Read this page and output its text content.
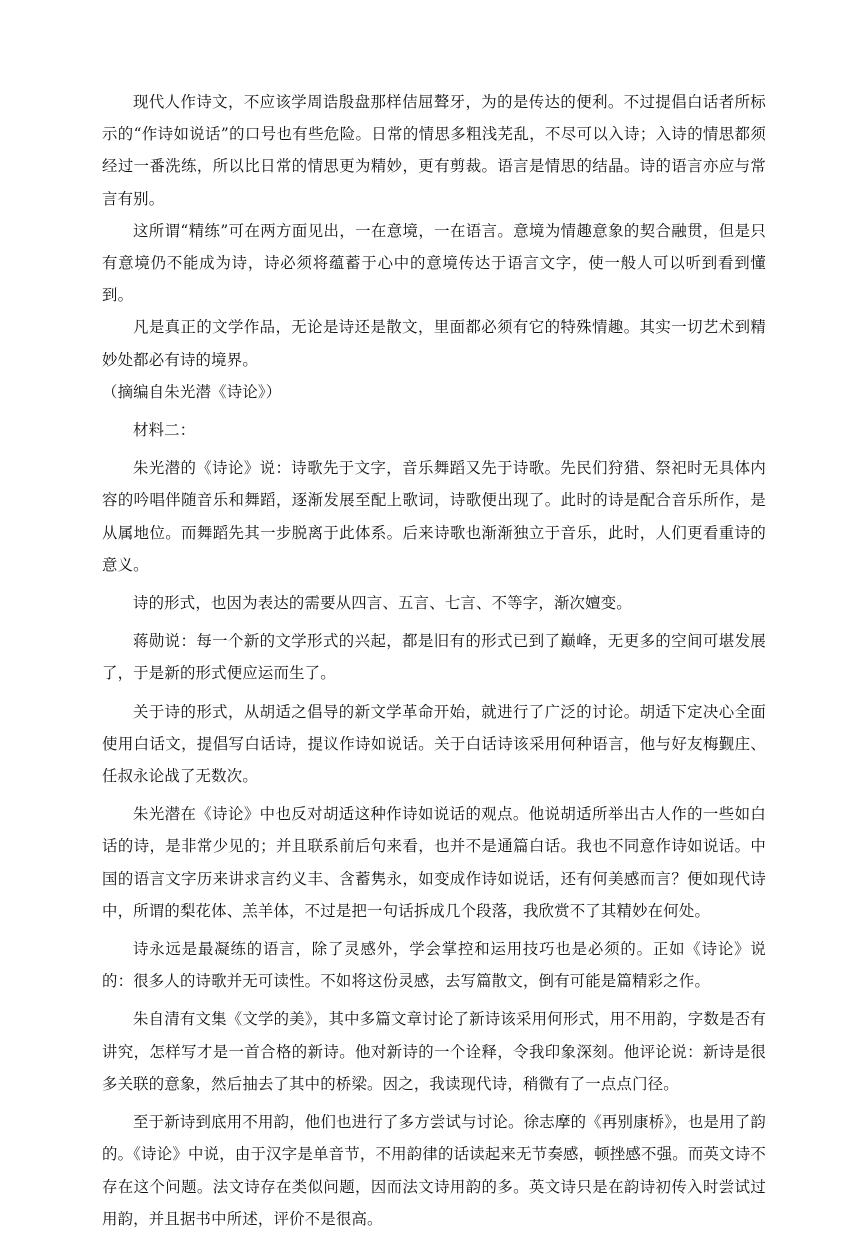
现代人作诗文，不应该学周诰殷盘那样佶屈聱牙，为的是传达的便利。不过提倡白话者所标示的“作诗如说话”的口号也有些危险。日常的情思多粗浅芜乱，不尽可以入诗；入诗的情思都须经过一番洗练，所以比日常的情思更为精妙，更有剪裁。语言是情思的结晶。诗的语言亦应与常言有别。

这所谓“精练”可在两方面见出，一在意境，一在语言。意境为情趣意象的契合融贯，但是只有意境仍不能成为诗，诗必须将蕴蓄于心中的意境传达于语言文字，使一般人可以听到看到懂到。

凡是真正的文学作品，无论是诗还是散文，里面都必须有它的特殊情趣。其实一切艺术到精妙处都必有诗的境界。

（摘编自朱光潜《诗论》）

材料二：

朱光潜的《诗论》说：诗歌先于文字，音乐舞蹈又先于诗歌。先民们狩猎、祭祀时无具体内容的吟唱伴随音乐和舞蹈，逐渐发展至配上歌词，诗歌便出现了。此时的诗是配合音乐所作，是从属地位。而舞蹈先其一步脱离于此体系。后来诗歌也渐渐独立于音乐，此时，人们更看重诗的意义。

诗的形式，也因为表达的需要从四言、五言、七言、不等字，渐次嬗变。

蒋勋说：每一个新的文学形式的兴起，都是旧有的形式已到了巅峰，无更多的空间可堪发展了，于是新的形式便应运而生了。

关于诗的形式，从胡适之倡导的新文学革命开始，就进行了广泛的讨论。胡适下定决心全面使用白话文，提倡写白话诗，提议作诗如说话。关于白话诗该采用何种语言，他与好友梅觐庄、任叔永论战了无数次。

朱光潜在《诗论》中也反对胡适这种作诗如说话的观点。他说胡适所举出古人作的一些如白话的诗，是非常少见的；并且联系前后句来看，也并不是通篇白话。我也不同意作诗如说话。中国的语言文字历来讲求言约义丰、含蓄隽永，如变成作诗如说话，还有何美感而言？便如现代诗中，所谓的梨花体、羔羊体，不过是把一句话拆成几个段落，我欣赏不了其精妙在何处。

诗永远是最凝练的语言，除了灵感外，学会掌控和运用技巧也是必须的。正如《诗论》说的：很多人的诗歌并无可读性。不如将这份灵感，去写篇散文，倒有可能是篇精彩之作。

朱自清有文集《文学的美》，其中多篇文章讨论了新诗该采用何形式，用不用韵，字数是否有讲究，怎样写才是一首合格的新诗。他对新诗的一个诠释，令我印象深刻。他评论说：新诗是很多关联的意象，然后抽去了其中的桥梁。因之，我读现代诗，稍微有了一点点门径。

至于新诗到底用不用韵，他们也进行了多方尝试与讨论。徐志摩的《再别康桥》，也是用了韵的。《诗论》中说，由于汉字是单音节，不用韵律的话读起来无节奏感，顿挫感不强。而英文诗不存在这个问题。法文诗存在类似问题，因而法文诗用韵的多。英文诗只是在韵诗初传入时尝试过用韵，并且据书中所述，评价不是很高。
